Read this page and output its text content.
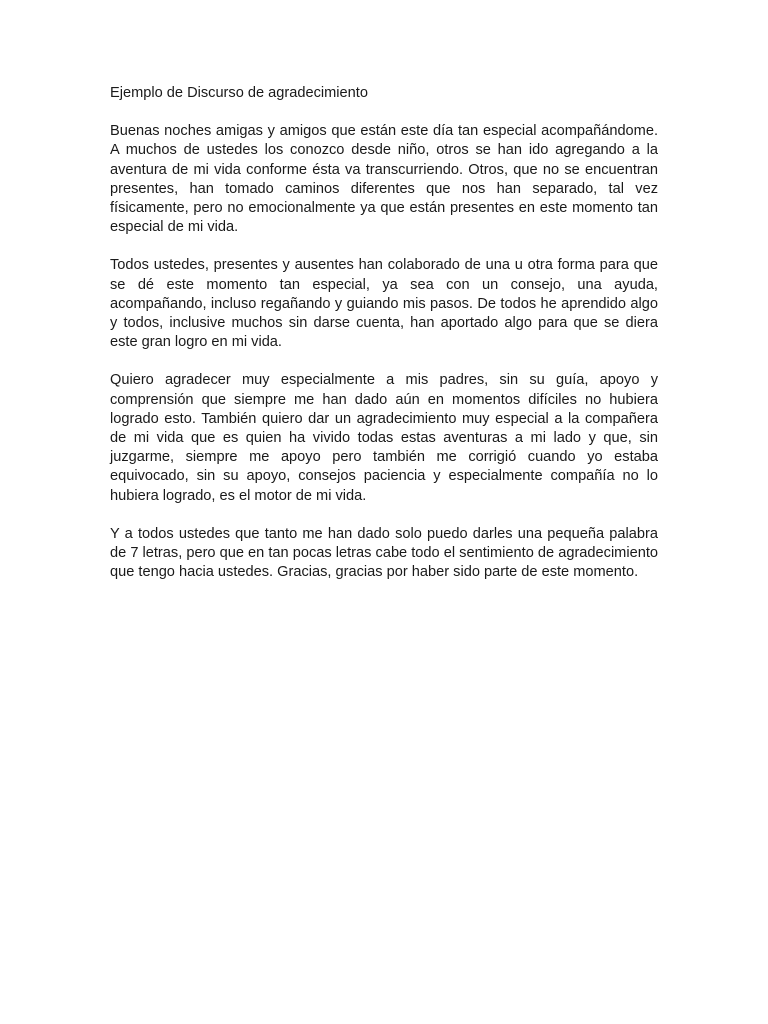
Ejemplo de Discurso de agradecimiento

Buenas noches amigas y amigos que están este día tan especial acompañándome. A muchos de ustedes los conozco desde niño, otros se han ido agregando a la aventura de mi vida conforme ésta va transcurriendo. Otros, que no se encuentran presentes, han tomado caminos diferentes que nos han separado, tal vez físicamente, pero no emocionalmente ya que están presentes en este momento tan especial de mi vida.

Todos ustedes, presentes y ausentes han colaborado de una u otra forma para que se dé este momento tan especial, ya sea con un consejo, una ayuda, acompañando, incluso regañando y guiando mis pasos. De todos he aprendido algo y todos, inclusive muchos sin darse cuenta, han aportado algo para que se diera este gran logro en mi vida.

Quiero agradecer muy especialmente a mis padres, sin su guía, apoyo y comprensión que siempre me han dado aún en momentos difíciles no hubiera logrado esto. También quiero dar un agradecimiento muy especial a la compañera de mi vida que es quien ha vivido todas estas aventuras a mi lado y que, sin juzgarme, siempre me apoyo pero también me corrigió cuando yo estaba equivocado, sin su apoyo, consejos paciencia y especialmente compañía no lo hubiera logrado, es el motor de mi vida.

Y a todos ustedes que tanto me han dado solo puedo darles una pequeña palabra de 7 letras, pero que en tan pocas letras cabe todo el sentimiento de agradecimiento que tengo hacia ustedes. Gracias, gracias por haber sido parte de este momento.
